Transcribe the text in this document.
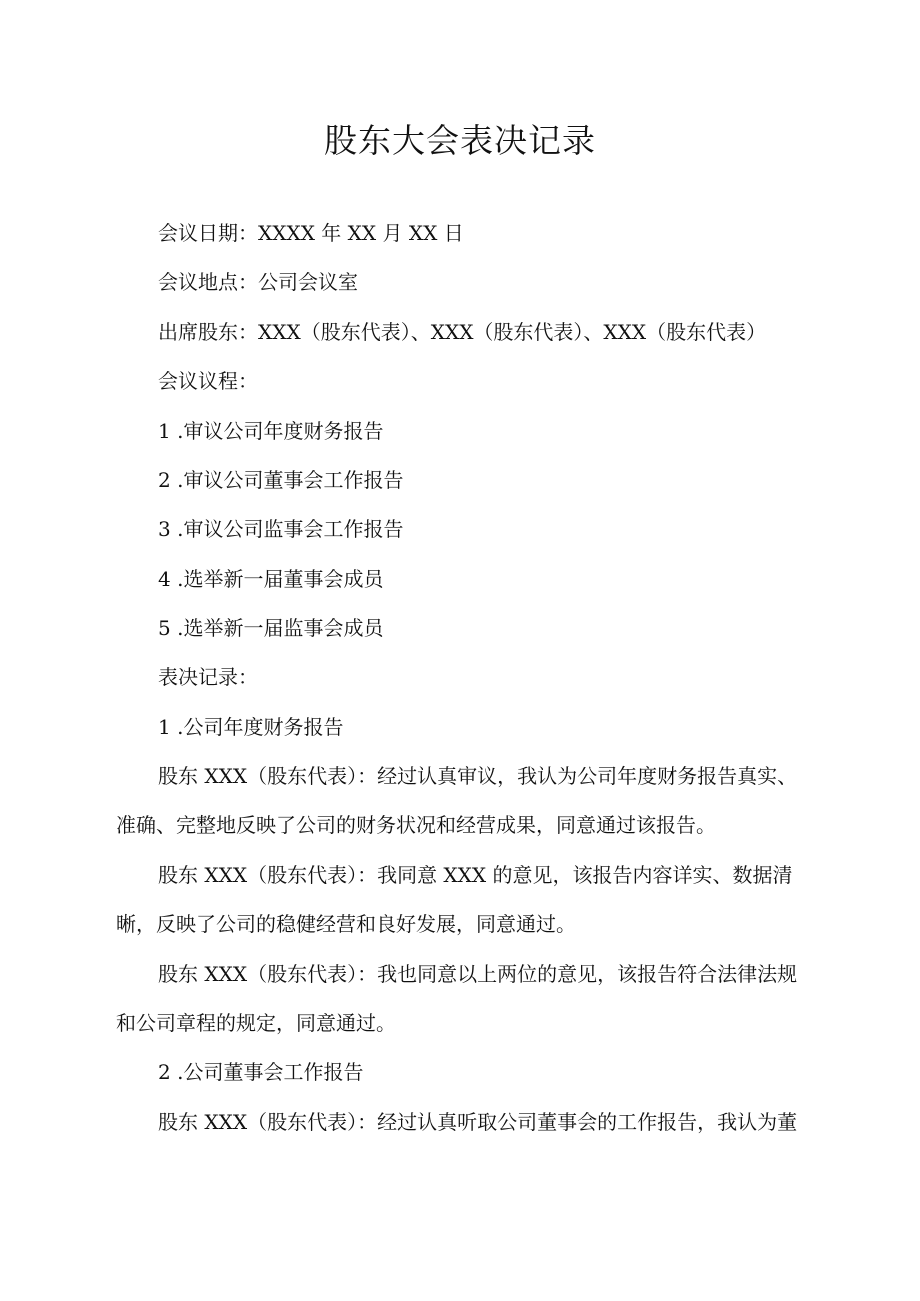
股东大会表决记录

会议日期：XXXX 年 XX 月 XX 日

会议地点：公司会议室

出席股东：XXX（股东代表）、XXX（股东代表）、XXX（股东代表）

会议议程：

1 .审议公司年度财务报告

2 .审议公司董事会工作报告

3 .审议公司监事会工作报告

4 .选举新一届董事会成员

5 .选举新一届监事会成员

表决记录：

1 .公司年度财务报告

股东 XXX（股东代表）：经过认真审议，我认为公司年度财务报告真实、

准确、完整地反映了公司的财务状况和经营成果，同意通过该报告。

股东 XXX（股东代表）：我同意 XXX 的意见，该报告内容详实、数据清

晰，反映了公司的稳健经营和良好发展，同意通过。

股东 XXX（股东代表）：我也同意以上两位的意见，该报告符合法律法规

和公司章程的规定，同意通过。

2 .公司董事会工作报告

股东 XXX（股东代表）：经过认真听取公司董事会的工作报告，我认为董
